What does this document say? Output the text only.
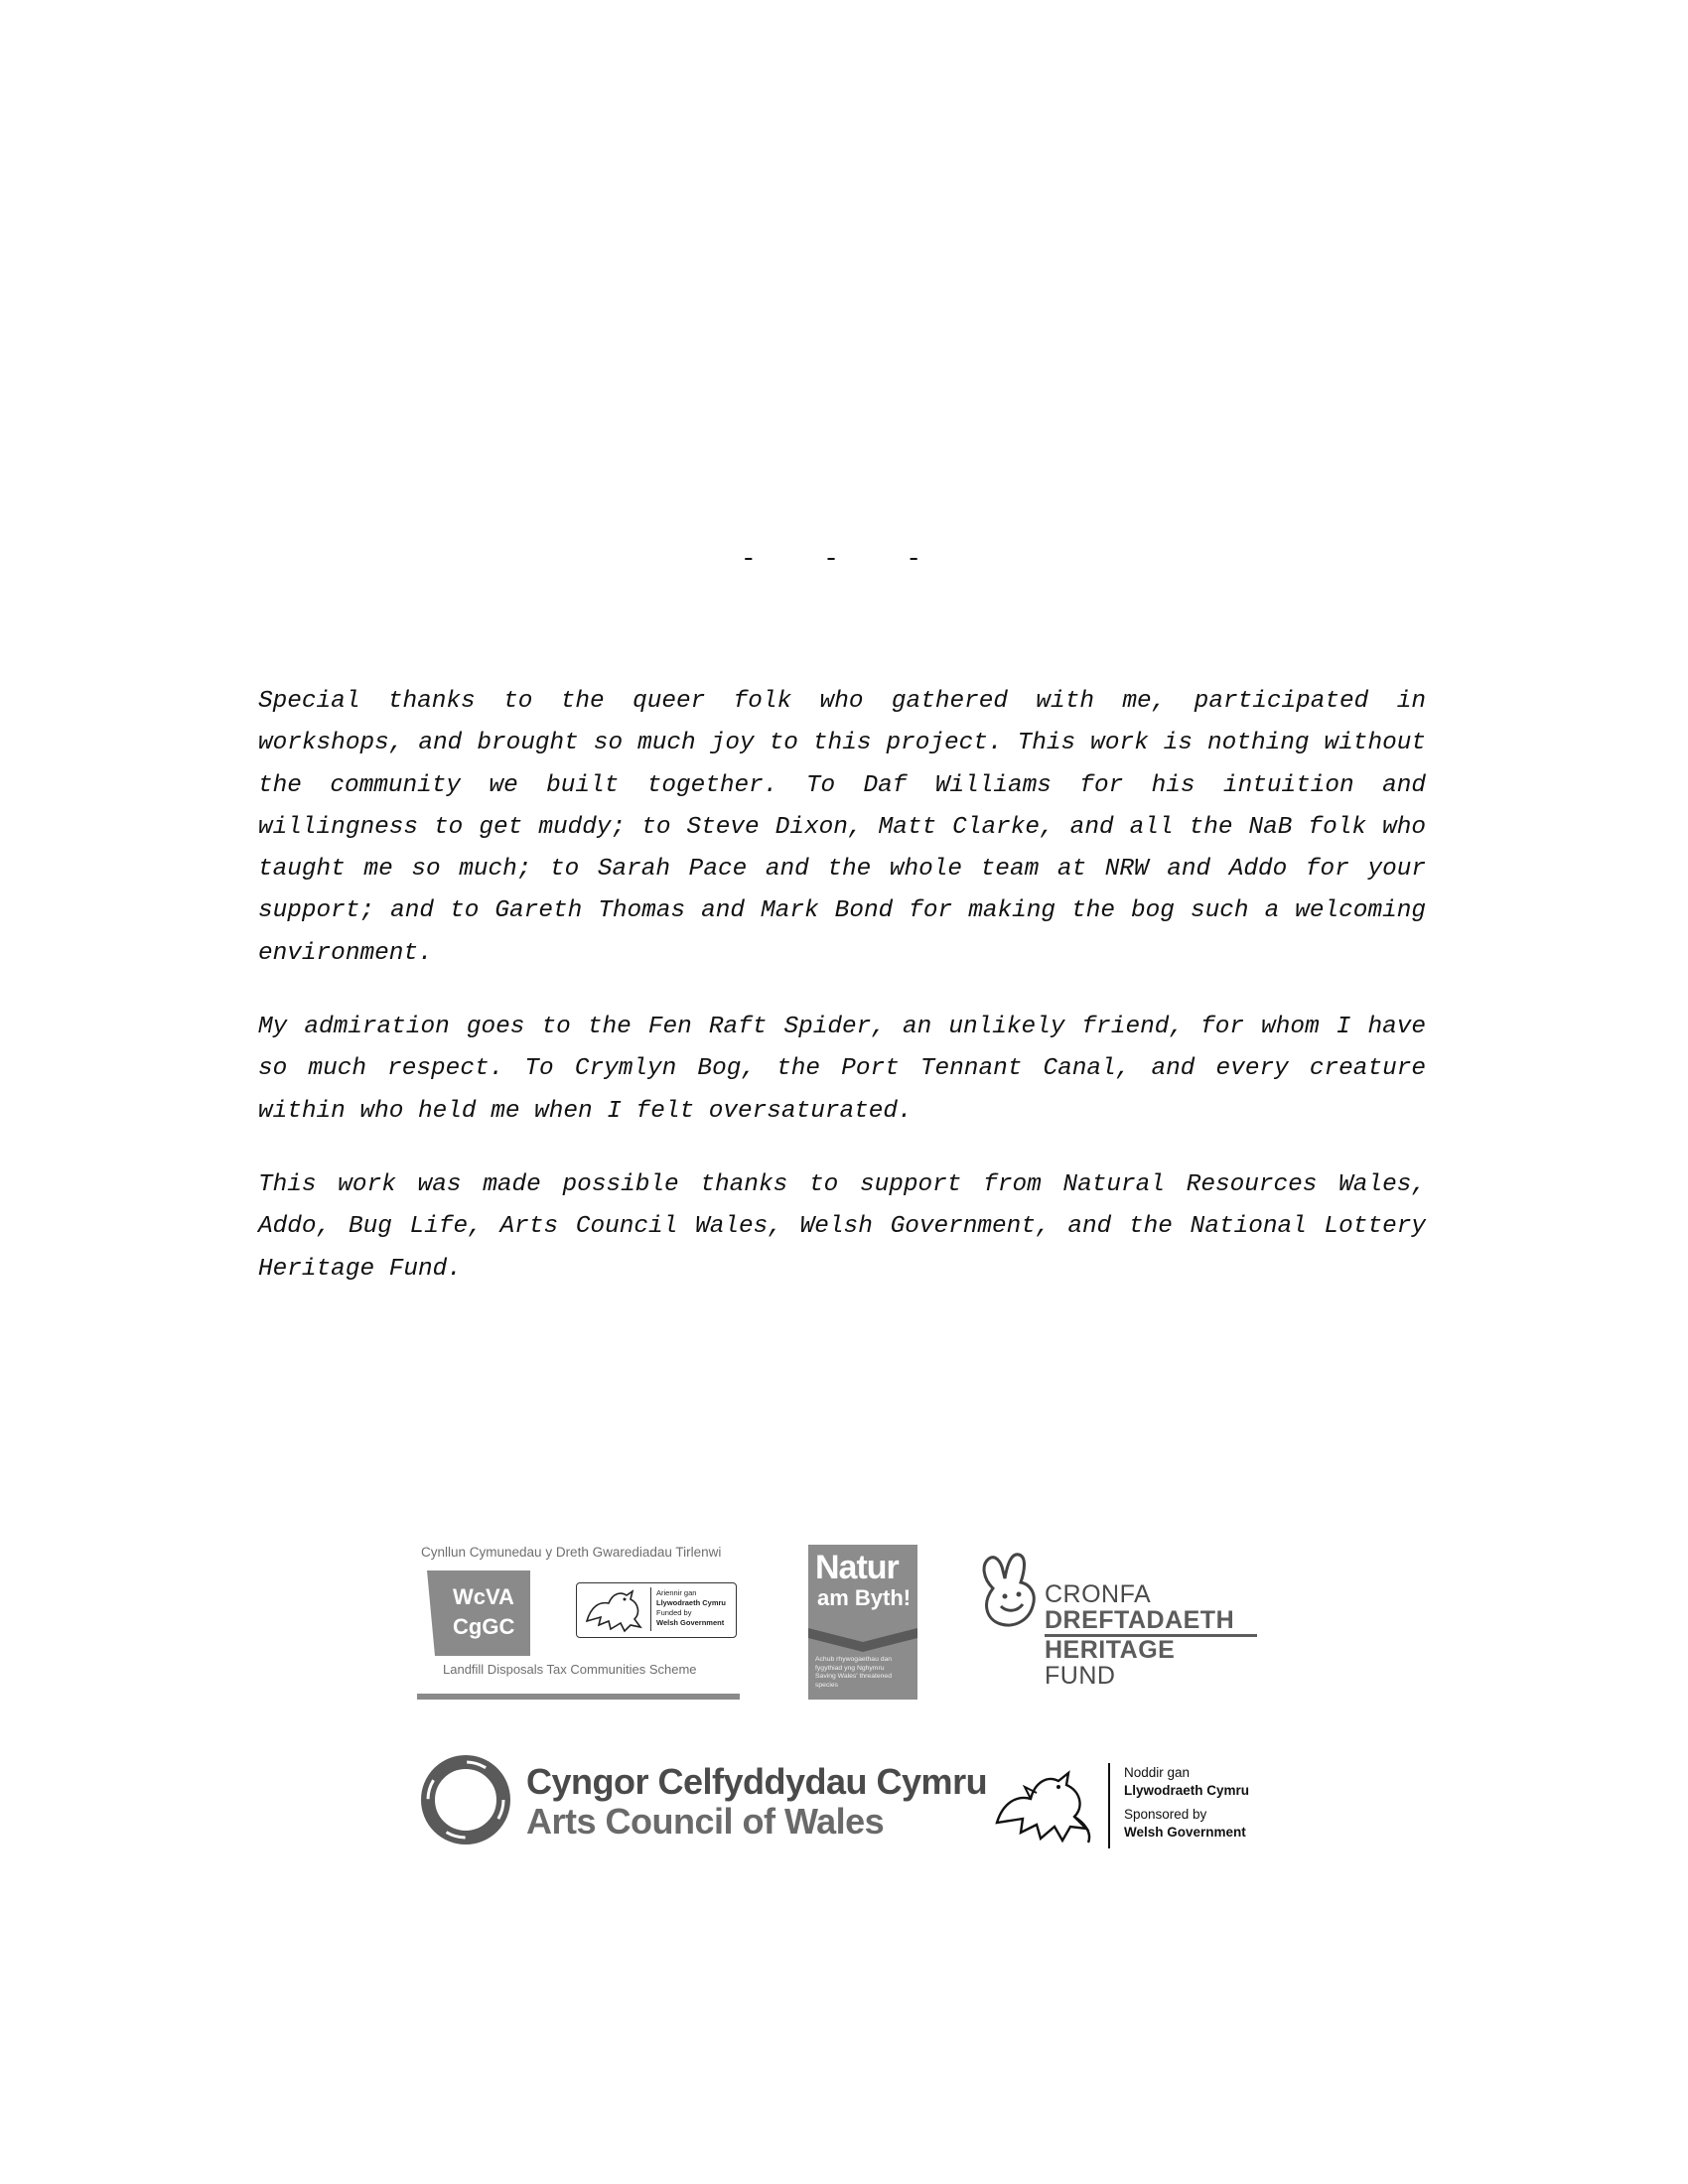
- - -

Special thanks to the queer folk who gathered with me, participated in workshops, and brought so much joy to this project. This work is nothing without the community we built together. To Daf Williams for his intuition and willingness to get muddy; to Steve Dixon, Matt Clarke, and all the NaB folk who taught me so much; to Sarah Pace and the whole team at NRW and Addo for your support; and to Gareth Thomas and Mark Bond for making the bog such a welcoming environment.

My admiration goes to the Fen Raft Spider, an unlikely friend, for whom I have so much respect. To Crymlyn Bog, the Port Tennant Canal, and every creature within who held me when I felt oversaturated.

This work was made possible thanks to support from Natural Resources Wales, Addo, Bug Life, Arts Council Wales, Welsh Government, and the National Lottery Heritage Fund.

Cynllun Cymunedau y Dreth Gwarediadau Tirlenwi
WcVA
CgGC
Ariennir gan
Llywodraeth Cymru
Funded by
Welsh Government
Landfill Disposals Tax Communities Scheme
Natur
am Byth!
Achub rhywogaethau dan fygythiad yng Nghymru
Saving Wales' threatened species
CRONFA
DREFTADAETH
HERITAGE
FUND
Cyngor Celfyddydau Cymru
Arts Council of Wales
Noddir gan
Llywodraeth Cymru
Sponsored by
Welsh Government
